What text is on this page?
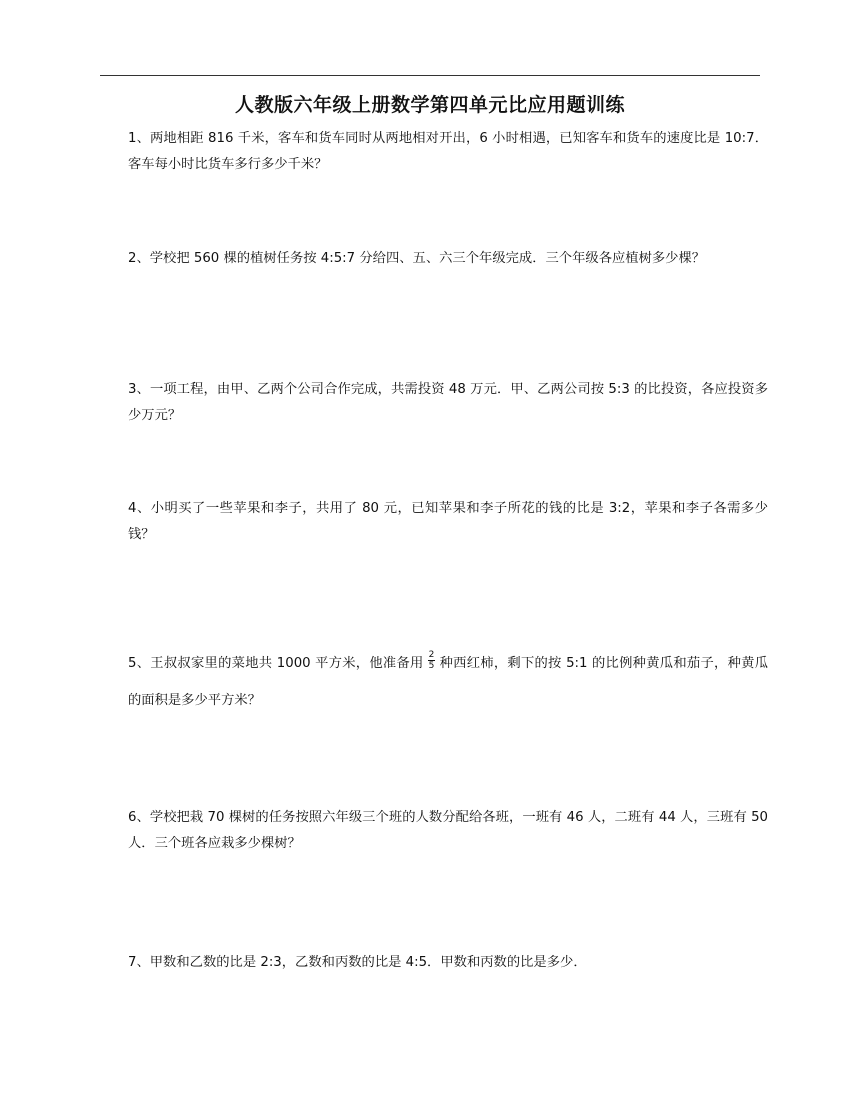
人教版六年级上册数学第四单元比应用题训练

1、两地相距 816 千米，客车和货车同时从两地相对开出，6 小时相遇，已知客车和货车的速度比是 10:7．客车每小时比货车多行多少千米？

2、学校把 560 棵的植树任务按 4:5:7 分给四、五、六三个年级完成．三个年级各应植树多少棵？

3、一项工程，由甲、乙两个公司合作完成，共需投资 48 万元．甲、乙两公司按 5:3 的比投资，各应投资多少万元？

4、小明买了一些苹果和李子，共用了 80 元，已知苹果和李子所花的钱的比是 3:2，苹果和李子各需多少钱？

5、王叔叔家里的菜地共 1000 平方米，他准备用 $\frac{2}{5}$ 种西红柿，剩下的按 5:1 的比例种黄瓜和茄子，种黄瓜的面积是多少平方米？

6、学校把栽 70 棵树的任务按照六年级三个班的人数分配给各班，一班有 46 人，二班有 44 人，三班有 50 人．三个班各应栽多少棵树？

7、甲数和乙数的比是 2:3，乙数和丙数的比是 4:5．甲数和丙数的比是多少．
